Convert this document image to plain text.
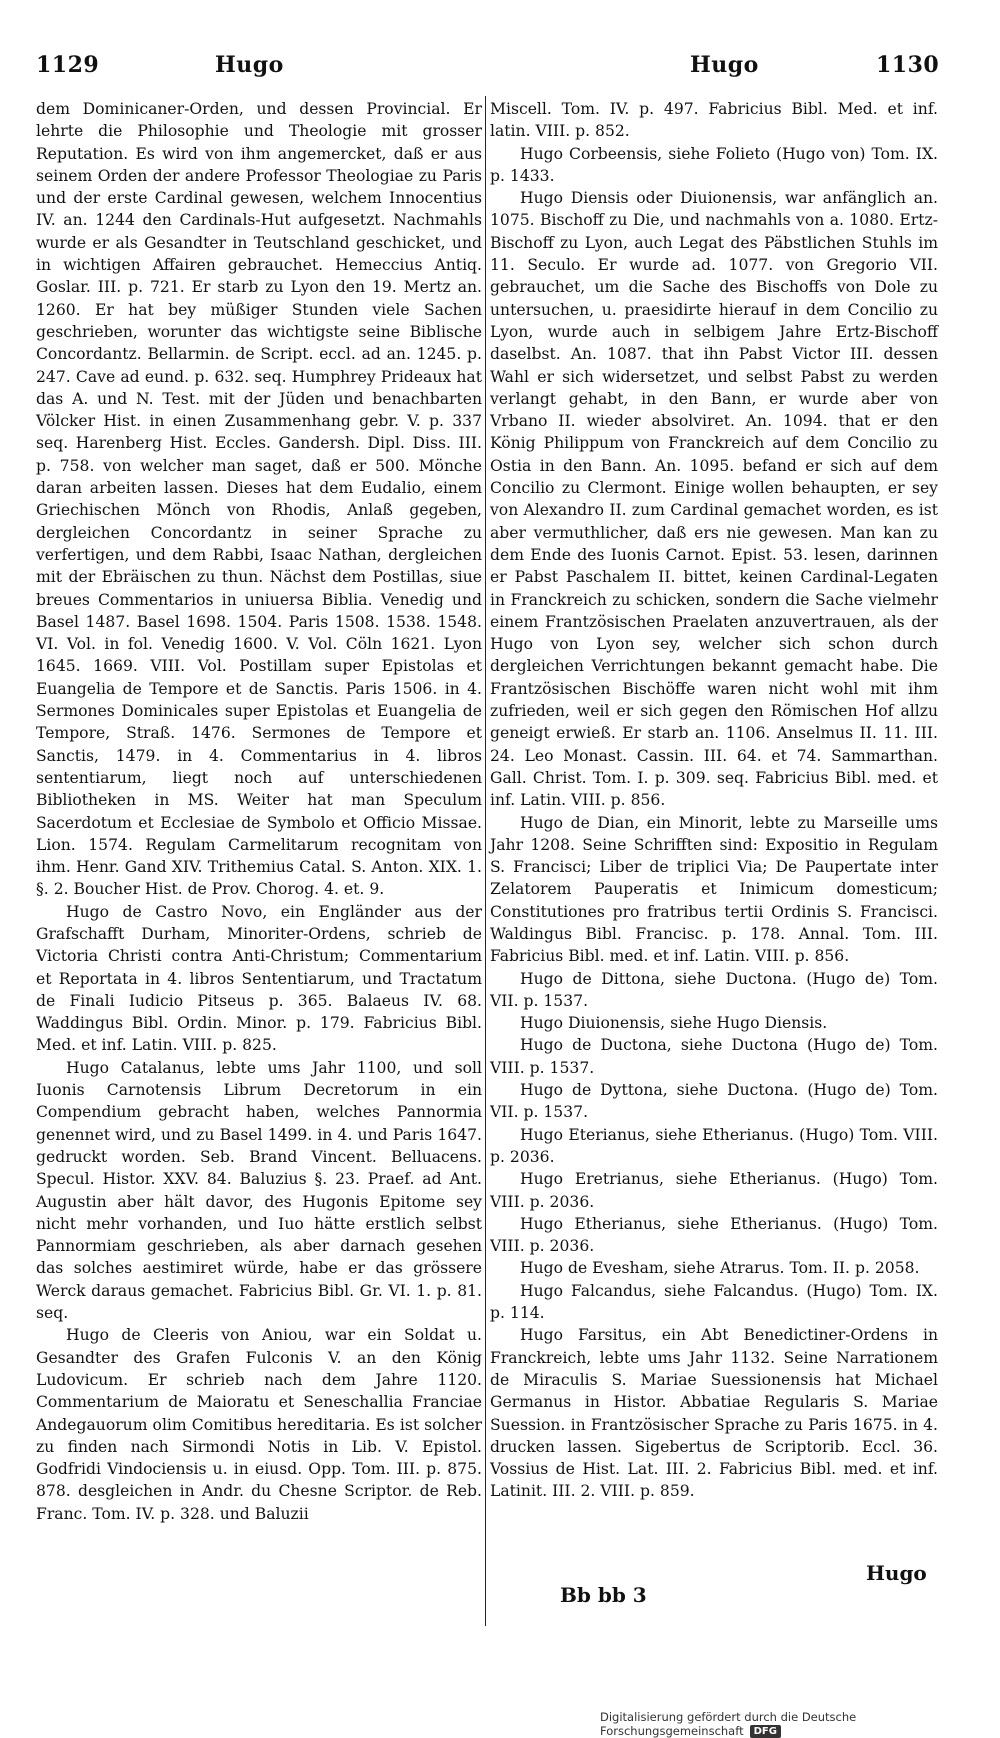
1129	Hugo	Hugo	1130

dem Dominicaner-Orden, und dessen Provincial. Er lehrte die Philosophie und Theologie mit grosser Reputation. Es wird von ihm angemercket, daß er aus seinem Orden der andere Professor Theologiae zu Paris und der erste Cardinal gewesen, welchem Innocentius IV. an. 1244 den Cardinals-Hut aufgesetzt. Nachmahls wurde er als Gesandter in Teutschland geschicket, und in wichtigen Affairen gebrauchet. Hemeccius Antiq. Goslar. III. p. 721. Er starb zu Lyon den 19. Mertz an. 1260. Er hat bey müßiger Stunden viele Sachen geschrieben, worunter das wichtigste seine Biblische Concordantz. Bellarmin. de Script. eccl. ad an. 1245. p. 247. Cave ad eund. p. 632. seq. Humphrey Prideaux hat das A. und N. Test. mit der Jüden und benachbarten Völcker Hist. in einen Zusammenhang gebr. V. p. 337 seq. Harenberg Hist. Eccles. Gandersh. Dipl. Diss. III. p. 758. von welcher man saget, daß er 500. Mönche daran arbeiten lassen. Dieses hat dem Eudalio, einem Griechischen Mönch von Rhodis, Anlaß gegeben, dergleichen Concordantz in seiner Sprache zu verfertigen, und dem Rabbi, Isaac Nathan, dergleichen mit der Ebräischen zu thun. Nächst dem Postillas, siue breues Commentarios in uniuersa Biblia. Venedig und Basel 1487. Basel 1698. 1504. Paris 1508. 1538. 1548. VI. Vol. in fol. Venedig 1600. V. Vol. Cöln 1621. Lyon 1645. 1669. VIII. Vol. Postillam super Epistolas et Euangelia de Tempore et de Sanctis. Paris 1506. in 4. Sermones Dominicales super Epistolas et Euangelia de Tempore, Straß. 1476. Sermones de Tempore et Sanctis, 1479. in 4. Commentarius in 4. libros sententiarum, liegt noch auf unterschiedenen Bibliotheken in MS. Weiter hat man Speculum Sacerdotum et Ecclesiae de Symbolo et Officio Missae. Lion. 1574. Regulam Carmelitarum recognitam von ihm. Henr. Gand XIV. Trithemius Catal. S. Anton. XIX. 1. §. 2. Boucher Hist. de Prov. Chorog. 4. et. 9.

Hugo de Castro Novo, ein Engländer aus der Grafschafft Durham, Minoriter-Ordens, schrieb de Victoria Christi contra Anti-Christum; Commentarium et Reportata in 4. libros Sententiarum, und Tractatum de Finali Iudicio Pitseus p. 365. Balaeus IV. 68. Waddingus Bibl. Ordin. Minor. p. 179. Fabricius Bibl. Med. et inf. Latin. VIII. p. 825.

Hugo Catalanus, lebte ums Jahr 1100, und soll Iuonis Carnotensis Librum Decretorum in ein Compendium gebracht haben, welches Pannormia genennet wird, und zu Basel 1499. in 4. und Paris 1647. gedruckt worden. Seb. Brand Vincent. Belluacens. Specul. Histor. XXV. 84. Baluzius §. 23. Praef. ad Ant. Augustin aber hält davor, des Hugonis Epitome sey nicht mehr vorhanden, und Iuo hätte erstlich selbst Pannormiam geschrieben, als aber darnach gesehen das solches aestimiret würde, habe er das grössere Werck daraus gemachet. Fabricius Bibl. Gr. VI. 1. p. 81. seq.

Hugo de Cleeris von Aniou, war ein Soldat u. Gesandter des Grafen Fulconis V. an den König Ludovicum. Er schrieb nach dem Jahre 1120. Commentarium de Maioratu et Seneschallia Franciae Andegauorum olim Comitibus hereditaria. Es ist solcher zu finden nach Sirmondi Notis in Lib. V. Epistol. Godfridi Vindociensis u. in eiusd. Opp. Tom. III. p. 875. 878. desgleichen in Andr. du Chesne Scriptor. de Reb. Franc. Tom. IV. p. 328. und Baluzii

Miscell. Tom. IV. p. 497. Fabricius Bibl. Med. et inf. latin. VIII. p. 852.

Hugo Corbeensis, siehe Folieto (Hugo von) Tom. IX. p. 1433.

Hugo Diensis oder Diuionensis, war anfänglich an. 1075. Bischoff zu Die, und nachmahls von a. 1080. Ertz-Bischoff zu Lyon, auch Legat des Päbstlichen Stuhls im 11. Seculo. Er wurde ad. 1077. von Gregorio VII. gebrauchet, um die Sache des Bischoffs von Dole zu untersuchen, u. praesidirte hierauf in dem Concilio zu Lyon, wurde auch in selbigem Jahre Ertz-Bischoff daselbst. An. 1087. that ihn Pabst Victor III. dessen Wahl er sich widersetzet, und selbst Pabst zu werden verlangt gehabt, in den Bann, er wurde aber von Vrbano II. wieder absolviret. An. 1094. that er den König Philippum von Franckreich auf dem Concilio zu Ostia in den Bann. An. 1095. befand er sich auf dem Concilio zu Clermont. Einige wollen behaupten, er sey von Alexandro II. zum Cardinal gemachet worden, es ist aber vermuthlicher, daß ers nie gewesen. Man kan zu dem Ende des Iuonis Carnot. Epist. 53. lesen, darinnen er Pabst Paschalem II. bittet, keinen Cardinal-Legaten in Franckreich zu schicken, sondern die Sache vielmehr einem Frantzösischen Praelaten anzuvertrauen, als der Hugo von Lyon sey, welcher sich schon durch dergleichen Verrichtungen bekannt gemacht habe. Die Frantzösischen Bischöffe waren nicht wohl mit ihm zufrieden, weil er sich gegen den Römischen Hof allzu geneigt erwieß. Er starb an. 1106. Anselmus II. 11. III. 24. Leo Monast. Cassin. III. 64. et 74. Sammarthan. Gall. Christ. Tom. I. p. 309. seq. Fabricius Bibl. med. et inf. Latin. VIII. p. 856.

Hugo de Dian, ein Minorit, lebte zu Marseille ums Jahr 1208. Seine Schrifften sind: Expositio in Regulam S. Francisci; Liber de triplici Via; De Paupertate inter Zelatorem Pauperatis et Inimicum domesticum; Constitutiones pro fratribus tertii Ordinis S. Francisci. Waldingus Bibl. Francisc. p. 178. Annal. Tom. III. Fabricius Bibl. med. et inf. Latin. VIII. p. 856.

Hugo de Dittona, siehe Ductona. (Hugo de) Tom. VII. p. 1537.

Hugo Diuionensis, siehe Hugo Diensis.

Hugo de Ductona, siehe Ductona (Hugo de) Tom. VIII. p. 1537.

Hugo de Dyttona, siehe Ductona. (Hugo de) Tom. VII. p. 1537.

Hugo Eterianus, siehe Etherianus. (Hugo) Tom. VIII. p. 2036.

Hugo Eretrianus, siehe Etherianus. (Hugo) Tom. VIII. p. 2036.

Hugo Etherianus, siehe Etherianus. (Hugo) Tom. VIII. p. 2036.

Hugo de Evesham, siehe Atrarus. Tom. II. p. 2058.

Hugo Falcandus, siehe Falcandus. (Hugo) Tom. IX. p. 114.

Hugo Farsitus, ein Abt Benedictiner-Ordens in Franckreich, lebte ums Jahr 1132. Seine Narrationem de Miraculis S. Mariae Suessionensis hat Michael Germanus in Histor. Abbatiae Regularis S. Mariae Suession. in Frantzösischer Sprache zu Paris 1675. in 4. drucken lassen. Sigebertus de Scriptorib. Eccl. 36. Vossius de Hist. Lat. III. 2. Fabricius Bibl. med. et inf. Latinit. III. 2. VIII. p. 859.

Hugo
Bb bb 3
Digitalisierung gefördert durch die Deutsche Forschungsgemeinschaft DFG
